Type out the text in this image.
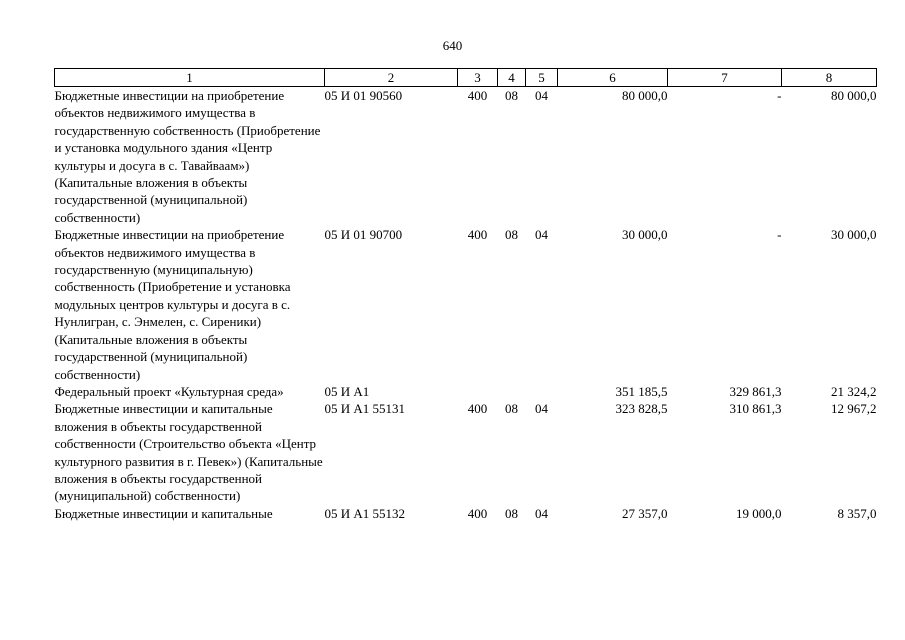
640
1	2	3	4	5	6	7	8
Бюджетные инвестиции на приобретение объектов недвижимого имущества в государственную собственность (Приобретение и установка модульного здания «Центр культуры и досуга в с. Тавайваам») (Капитальные вложения в объекты государственной (муниципальной) собственности)	05 И 01 90560	400	08	04	80 000,0	-	80 000,0
Бюджетные инвестиции на приобретение объектов недвижимого имущества в государственную (муниципальную) собственность (Приобретение и установка модульных центров культуры и досуга в с. Нунлигран, с. Энмелен, с. Сиреники) (Капитальные вложения в объекты государственной (муниципальной) собственности)	05 И 01 90700	400	08	04	30 000,0	-	30 000,0
Федеральный проект «Культурная среда»	05 И А1				351 185,5	329 861,3	21 324,2
Бюджетные инвестиции и капитальные вложения в объекты государственной собственности (Строительство объекта «Центр культурного развития в г. Певек») (Капитальные вложения в объекты государственной (муниципальной) собственности)	05 И А1 55131	400	08	04	323 828,5	310 861,3	12 967,2
Бюджетные инвестиции и капитальные	05 И А1 55132	400	08	04	27 357,0	19 000,0	8 357,0
